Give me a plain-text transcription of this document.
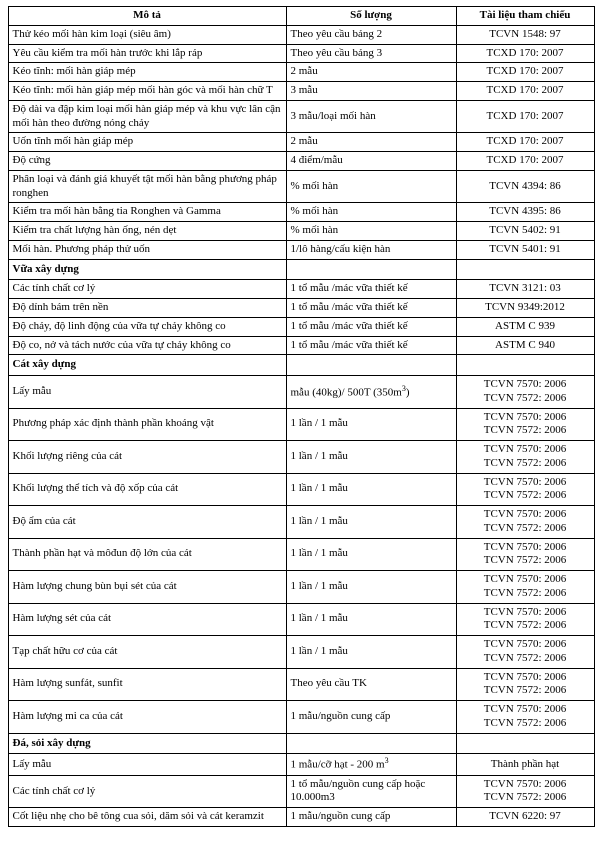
Mô tả	Số lượng	Tài liệu tham chiếu
Thử kéo mối hàn kim loại (siêu âm)	Theo yêu cầu bảng 2	TCVN 1548: 97

Yêu cầu kiểm tra mối hàn trước khi lắp ráp	Theo yêu cầu bảng 3	TCXD 170: 2007

Kéo tĩnh: mối hàn giáp mép	2 mẫu	TCXD 170: 2007

Kéo tĩnh: mối hàn giáp mép mối hàn góc và mối hàn chữ T	3 mẫu	TCXD 170: 2007

Độ dài va đập kim loại mối hàn giáp mép và khu vực lân cận mối hàn theo đường nóng chảy	3 mẫu/loại mối hàn	TCXD 170: 2007

Uốn tĩnh mối hàn giáp mép	2 mẫu	TCXD 170: 2007

Độ cứng	4 điểm/mẫu	TCXD 170: 2007

Phân loại và đánh giá khuyết tật mối hàn bằng phương pháp ronghen	% mối hàn	TCVN 4394: 86

Kiểm tra mối hàn bằng tia Ronghen và Gamma	% mối hàn	TCVN 4395: 86

Kiểm tra chất lượng hàn ống, nén dẹt	% mối hàn	TCVN 5402: 91

Mối hàn. Phương pháp thử uốn	1/lô hàng/cấu kiện hàn	TCVN 5401: 91

Vữa xây dựng		
Các tính chất cơ lý	1 tổ mẫu /mác vữa thiết kế	TCVN 3121: 03

Độ dính bám trên nền	1 tổ mẫu /mác vữa thiết kế	TCVN 9349:2012

Độ chảy, độ linh động của vữa tự chảy không co	1 tổ mẫu /mác vữa thiết kế	ASTM C 939

Độ co, nở và tách nước của vữa tự chảy không co	1 tổ mẫu /mác vữa thiết kế	ASTM C 940

Cát xây dựng		
Lấy mẫu	mẫu (40kg)/ 500T $(350m^3)$	TCVN 7570: 2006
TCVN 7572: 2006

Phương pháp xác định thành phần khoáng vật	1 lần / 1 mẫu	TCVN 7570: 2006
TCVN 7572: 2006

Khối lượng riêng của cát	1 lần / 1 mẫu	TCVN 7570: 2006
TCVN 7572: 2006

Khối lượng thể tích và độ xốp của cát	1 lần / 1 mẫu	TCVN 7570: 2006
TCVN 7572: 2006

Độ ẩm của cát	1 lần / 1 mẫu	TCVN 7570: 2006
TCVN 7572: 2006

Thành phần hạt và môđun độ lớn của cát	1 lần / 1 mẫu	TCVN 7570: 2006
TCVN 7572: 2006

Hàm lượng chung bùn bụi sét của cát	1 lần / 1 mẫu	TCVN 7570: 2006
TCVN 7572: 2006

Hàm lượng sét của cát	1 lần / 1 mẫu	TCVN 7570: 2006
TCVN 7572: 2006

Tạp chất hữu cơ của cát	1 lần / 1 mẫu	TCVN 7570: 2006
TCVN 7572: 2006

Hàm lượng sunfát, sunfit	Theo yêu cầu TK	TCVN 7570: 2006
TCVN 7572: 2006

Hàm lượng mi ca của cát	1 mẫu/nguồn cung cấp	TCVN 7570: 2006
TCVN 7572: 2006

Đá, sỏi xây dựng		
Lấy mẫu	1 mẫu/cỡ hạt - 200 $m^3$	Thành phần hạt

Các tính chất cơ lý	1 tổ mẫu/nguồn cung cấp hoặc 10.000m3	TCVN 7570: 2006
TCVN 7572: 2006

Cốt liệu nhẹ cho bê tông cua sỏi, dăm sỏi và cát keramzit	1 mẫu/nguồn cung cấp	TCVN 6220: 97
